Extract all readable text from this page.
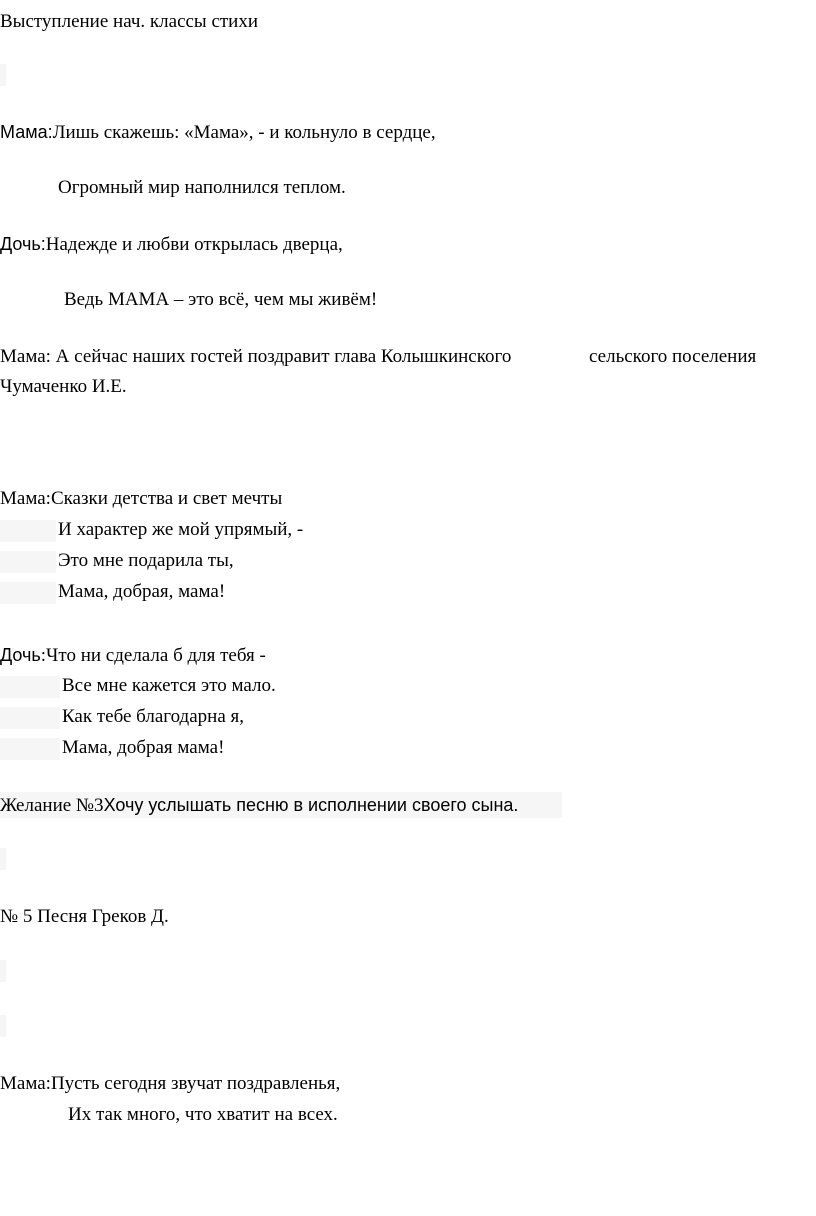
Выступление нач. классы стихи
Мама:Лишь скажешь: «Мама», - и кольнуло в сердце,
Огромный мир наполнился теплом.
Дочь:Надежде и любви открылась дверца,
Ведь МАМА – это всё, чем мы живём!
Мама: А сейчас наших гостей поздравит глава Колышкинского	сельского поселения
Чумаченко И.Е.
Мама:Сказки детства и свет мечты
И характер же мой упрямый, -
Это мне подарила ты,
Мама, добрая, мама!
Дочь:Что ни сделала б для тебя -
Все мне кажется это мало.
Как тебе благодарна я,
Мама, добрая мама!
Желание №3Хочу услышать песню в исполнении своего сына.
№ 5 Песня Греков Д.
Мама:Пусть сегодня звучат поздравленья,
Их так много, что хватит на всех.
